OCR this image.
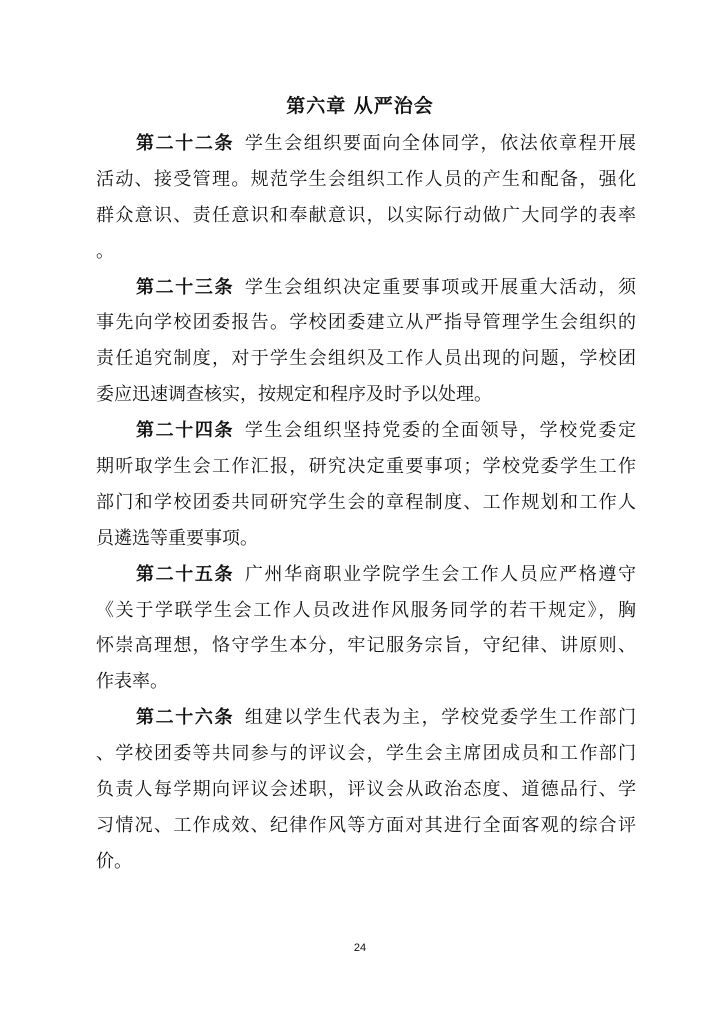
第六章 从严治会
第二十二条  学生会组织要面向全体同学，依法依章程开展
活动、接受管理。规范学生会组织工作人员的产生和配备，强化
群众意识、责任意识和奉献意识，以实际行动做广大同学的表率
。
第二十三条  学生会组织决定重要事项或开展重大活动，须
事先向学校团委报告。学校团委建立从严指导管理学生会组织的
责任追究制度，对于学生会组织及工作人员出现的问题，学校团
委应迅速调查核实，按规定和程序及时予以处理。
第二十四条  学生会组织坚持党委的全面领导，学校党委定
期听取学生会工作汇报，研究决定重要事项；学校党委学生工作
部门和学校团委共同研究学生会的章程制度、工作规划和工作人
员遴选等重要事项。
第二十五条  广州华商职业学院学生会工作人员应严格遵守
《关于学联学生会工作人员改进作风服务同学的若干规定》，胸
怀崇高理想，恪守学生本分，牢记服务宗旨，守纪律、讲原则、
作表率。
第二十六条  组建以学生代表为主，学校党委学生工作部门
、学校团委等共同参与的评议会，学生会主席团成员和工作部门
负责人每学期向评议会述职，评议会从政治态度、道德品行、学
习情况、工作成效、纪律作风等方面对其进行全面客观的综合评
价。
24
